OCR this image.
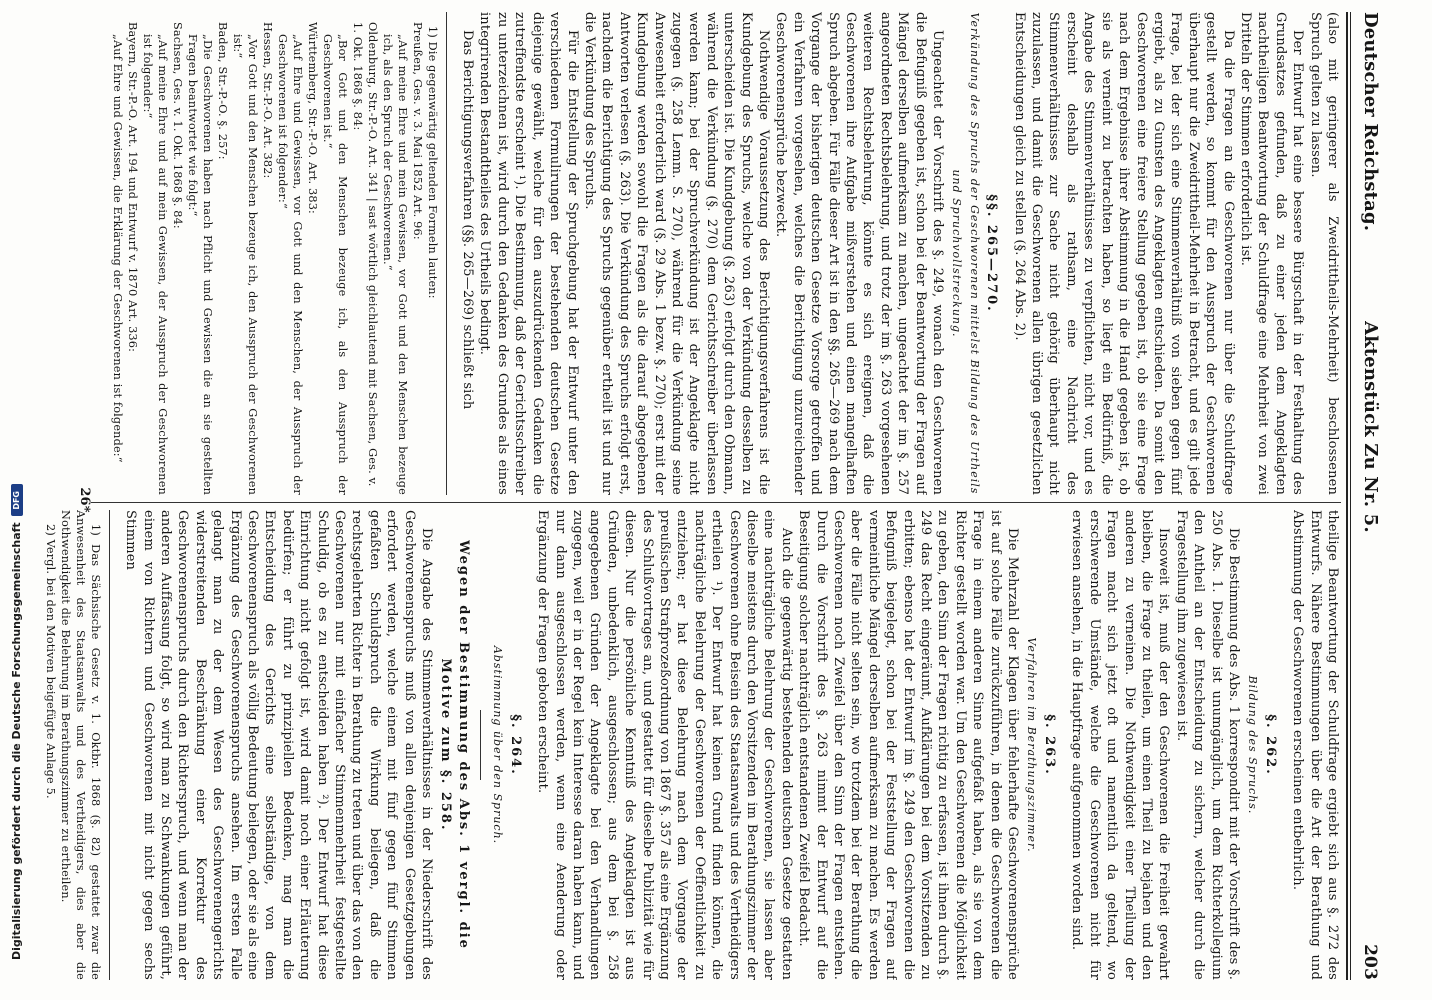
Deutscher Reichstag.
Aktenstück Zu Nr. 5.
203

(also mit geringerer als Zweidrittheils-Mehrheit) beschlossenen Spruch gelten zu lassen.

Der Entwurf hat eine bessere Bürgschaft in der Festhaltung des Grundsatzes gefunden, daß zu einer jeden dem Angeklagten nachtheiligen Beantwortung der Schuldfrage eine Mehrheit von zwei Dritteln der Stimmen erforderlich ist.

Da die Fragen an die Geschworenen nur über die Schuldfrage gestellt werden, so kommt für den Ausspruch der Geschworenen überhaupt nur die Zweidrittheil-Mehrheit in Betracht, und es gilt jede Frage, bei der sich eine Stimmenverhältniß von sieben gegen fünf ergiebt, als zu Gunsten des Angeklagten entschieden. Da somit den Geschworenen eine freiere Stellung gegeben ist, ob sie eine Frage nach dem Ergebnisse ihrer Abstimmung in die Hand gegeben ist, ob sie als verneint zu betrachten haben, so liegt ein Bedürfniß, die Angabe des Stimmenverhältnisses zu verpflichten, nicht vor, und es erscheint deshalb als rathsam, eine Nachricht des Stimmenverhältnisses zur Sache nicht gehörig überhaupt nicht zuzulassen, und damit die Geschworenen allen übrigen gesetzlichen Entscheidungen gleich zu stellen (§. 264 Abs. 2).

§§. 265—270.

Verkündung des Spruchs der Geschworenen mittelst Bildung des Urtheils und Spruchvollstreckung.

Ungeachtet der Vorschrift des §. 249, wonach den Geschworenen die Befugniß gegeben ist, schon bei der Beantwortung der Fragen auf Mängel derselben aufmerksam zu machen, ungeachtet der im §. 257 angeordneten Rechtsbelehrung, und trotz der im §. 263 vorgesehenen weiteren Rechtsbelehrung, könnte es sich ereignen, daß die Geschworenen ihre Aufgabe mißverstehen und einen mangelhaften Spruch abgeben. Für Fälle dieser Art ist in den §§. 265—269 nach dem Vorgange der bisherigen deutschen Gesetze Vorsorge getroffen und ein Verfahren vorgesehen, welches die Berichtigung unzureichender Geschworenensprüche bezweckt.

Nothwendige Voraussetzung des Berichtigungsverfahrens ist die Kundgebung des Spruchs, welche von der Verkündung desselben zu unterscheiden ist. Die Kundgebung (§. 263) erfolgt durch den Obmann, während die Verkündung (§. 270) dem Gerichtsschreiber überlassen werden kann; bei der Spruchverkündung ist der Angeklagte nicht zugegen (§. 258 Lemm. S. 270), während für die Verkündung seine Anwesenheit erforderlich ward (§. 29 Abs. 1 bezw. §. 270); erst mit der Kundgebung werden sowohl die Fragen als die darauf abgegebenen Antworten verlesen (§. 263). Die Verkündung des Spruchs erfolgt erst, nachdem die Berichtigung des Spruchs gegenüber ertheilt ist und nur die Verkündung des Spruchs.

Für die Entstellung der Spruchgebung hat der Entwurf unter den verschiedenen Formulirungen der bestehenden deutschen Gesetze diejenige gewählt, welche für den auszudrückenden Gedanken die zutreffendste erscheint ¹). Die Bestimmung, daß der Gerichtsschreiber zu unterzeichnen ist, wird durch den Gedanken des Grundes als eines integrirenden Bestandtheiles des Urtheils bedingt.

Das Berichtigungsverfahren (§§. 265—269) schließt sich

1) Die gegenwärtig geltenden Formeln lauten:

Preußen, Ges. v. 3. Mai 1852 Art. 96:

„Auf meine Ehre und mein Gewissen, vor Gott und den Menschen bezeuge ich, als den Spruch der Geschworenen.“

Oldenburg, Str.-P.-O. Art. 341 | sast wörtlich gleichlautend mit Sachsen, Ges. v. 1. Okt. 1868 §. 84:

„Bor Gott und den Menschen bezeuge ich, als den Ausspruch der Geschworenen ist.“

Württemberg, Str.-P.-O. Art. 383:

„Auf Ehre und Gewissen, vor Gott und den Menschen, der Ausspruch der Geschworenen ist folgender:“

Hessen, Str.-P.-O. Art. 382:

„Vor Gott und den Menschen bezeuge ich, den Ausspruch der Geschworenen ist:“

Baden, Str.-P.-O. §. 257:

„Die Geschworenen haben nach Pflicht und Gewissen die an sie gestellten Fragen beantwortet wie folgt:“

Sachsen, Ges. v. 1. Okt. 1868 §. 84:

„Auf meine Ehre und auf mein Gewissen, der Ausspruch der Geschworenen ist folgender:“

Bayern, Str.-P.-O. Art. 194 und Entwurf v. 1870 Art. 336:

„Auf Ehre und Gewissen, die Erklärung der Geschworenen ist folgende:“

theilige Beantwortung der Schuldfrage ergiebt sich aus §. 272 des Entwurfs. Nähere Bestimmungen über die Art der Berathung und Abstimmung der Geschworenen erscheinen entbehrlich.

§. 262.

Bildung des Spruchs.

Die Bestimmung des Abs. 1 korrespondirt mit der Vorschrift des §. 250 Abs. 1. Dieselbe ist unumgänglich, um dem Richterkollegium den Antheil an der Entscheidung zu sichern, welcher durch die Fragestellung ihm zugewiesen ist.

Insoweit ist, muß der den Geschworenen die Freiheit gewahrt bleiben, die Frage zu theilen, um einen Theil zu bejahen und den anderen zu verneinen. Die Nothwendigkeit einer Theilung der Fragen macht sich jetzt oft und namentlich da geltend, wo erschwerende Umstände, welche die Geschworenen nicht für erwiesen ansehen, in die Hauptfrage aufgenommen worden sind.

§. 263.

Verfahren im Berathungszimmer.

Die Mehrzahl der Klagen über fehlerhafte Geschworenensprüche ist auf solche Fälle zurückzuführen, in denen die Geschworenen die Frage in einem anderen Sinne aufgefaßt haben, als sie von dem Richter gestellt worden war. Um den Geschworenen die Möglichkeit zu geben, den Sinn der Fragen richtig zu erfassen, ist ihnen durch §. 249 das Recht eingeräumt, Aufklärungen bei dem Vorsitzenden zu erbitten; ebenso hat der Entwurf im §. 249 den Geschworenen die Befugniß beigelegt, schon bei der Feststellung der Fragen auf vermeintliche Mängel derselben aufmerksam zu machen. Es werden aber die Fälle nicht selten sein, wo trotzdem bei der Berathung die Geschworenen noch Zweifel über den Sinn der Fragen entstehen. Durch die Vorschrift des §. 263 nimmt der Entwurf auf die Beseitigung solcher nachträglich entstandenen Zweifel Bedacht.

Auch die gegenwärtig bestehenden deutschen Gesetze gestatten eine nachträgliche Belehrung der Geschworenen, sie lassen aber dieselbe meistens durch den Vorsitzenden im Berathungszimmer der Geschworenen ohne Beisein des Staatsanwalts und des Vertheidigers ertheilen ¹). Der Entwurf hat keinen Grund finden können, die nachträgliche Belehrung der Geschworenen der Oeffentlichkeit zu entziehen; er hat diese Belehrung nach dem Vorgange der preußischen Strafprozeßordnung von 1867 §. 357 als eine Ergänzung des Schlußvortrages an, und gestattet für dieselbe Publizität wie für diesen. Nur die persönliche Kenntniß des Angeklagten ist aus Gründen, unbedenklich, ausgeschlossen; aus dem bei §. 258 angegebenen Gründen der Angeklagte bei den Verhandlungen zugegen, weil er in der Regel kein Interesse daran haben kann, und nur dann ausgeschlossen werden, wenn eine Aenderung oder Ergänzung der Fragen geboten erscheint.

§. 264.

Abstimmung über den Spruch.

Wegen der Bestimmung des Abs. 1 vergl. die Motive zum §. 258.

Die Angabe des Stimmenverhältnisses in der Niederschrift des Geschworenenspruchs muß von allen denjenigen Gesetzgebungen erfordert werden, welche einem mit fünf gegen fünf Stimmen gefaßten Schuldspruch die Wirkung beilegen, daß die rechtsgelehrten Richter in Berathung zu treten und über das von den Geschworenen nur mit einfacher Stimmenmehrheit festgestellte Schuldig, ob es zu entscheiden haben ²). Der Entwurf hat diese Einrichtung nicht gefolgt ist, wird damit noch einer Erläuterung bedürfen; er führt zu prinzipiellen Bedenken, mag man die Entscheidung des Gerichts eine selbständige, von dem Geschworenenspruch als völlig Bedeutung beilegen, oder sie als eine Ergänzung des Geschworenenspruchs ansehen. Im ersten Falle gelangt man zu der dem Wesen des Geschworenengerichts widerstreitenden Beschränkung einer Korrektur des Geschworenenspruchs durch den Richterspruch, und wenn man der anderen Auffassung folgt, so wird man zu Schwankungen geführt, einem von Richtern und Geschworenen mit nicht gegen sechs Stimmen

1) Das Sächsische Gesetz v. 1. Oktbr. 1868 (§. 82) gestattet zwar die Anwesenheit des Staatsanwalts und des Vertheidigers, dies aber die Nothwendigkeit die Belehrung im Berathungszimmer zu ertheilen.

2) Vergl. bei den Motiven beigefügte Anlage 5.

26*
Digitalisierung gefördert durch die Deutsche Forschungsgemeinschaft
DFG
